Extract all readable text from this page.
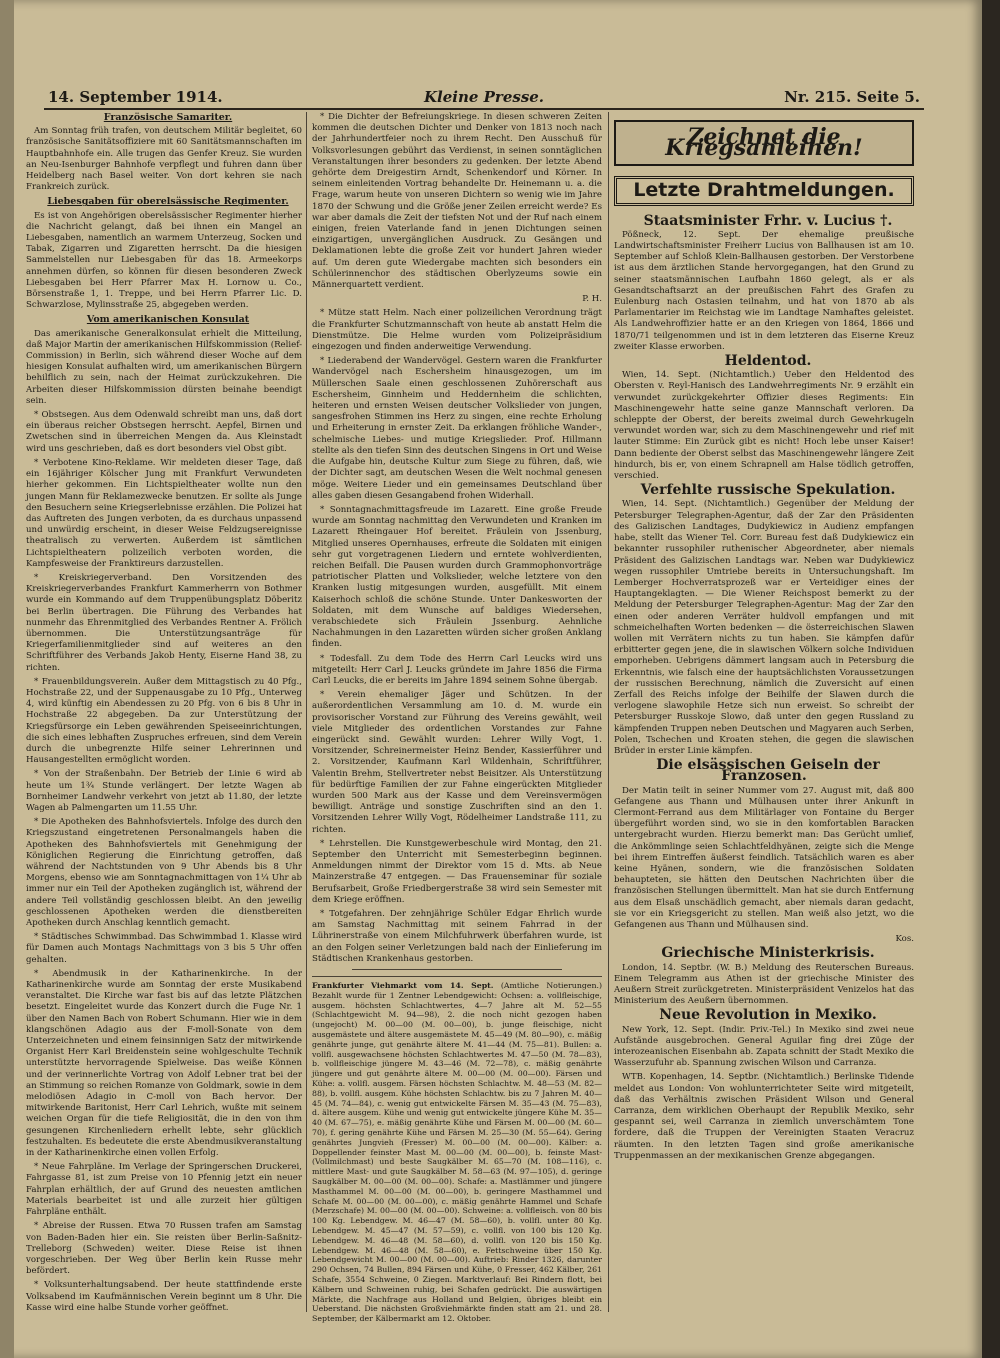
14. September 1914.	Kleine Presse.	Nr. 215. Seite 5.

Französische Samariter.

Am Sonntag früh trafen, von deutschem Militär begleitet, 60 französische Sanitätsoffiziere mit 60 Sanitätsmannschaften im Hauptbahnhofe ein. Alle trugen das Genfer Kreuz. Sie wurden an Neu-Isenburger Bahnhofe verpflegt und fuhren dann über Heidelberg nach Basel weiter. Von dort kehren sie nach Frankreich zurück.

Liebesgaben für oberelsässische Regimenter.

Es ist von Angehörigen oberelsässischer Regimenter hierher die Nachricht gelangt, daß bei ihnen ein Mangel an Liebesgaben, namentlich an warmem Unterzeug, Socken und Tabak, Zigarren und Zigaretten herrscht. Da die hiesigen Sammelstellen nur Liebesgaben für das 18. Armeekorps annehmen dürfen, so können für diesen besonderen Zweck Liebesgaben bei Herr Pfarrer Max H. Lornow u. Co., Börsenstraße 1, 1. Treppe, und bei Herrn Pfarrer Lic. D. Schwarzlose, Mylinsstraße 25, abgegeben werden.

Vom amerikanischen Konsulat

Das amerikanische Generalkonsulat erhielt die Mitteilung, daß Major Martin der amerikanischen Hilfskommission (Relief-Commission) in Berlin, sich während dieser Woche auf dem hiesigen Konsulat aufhalten wird, um amerikanischen Bürgern behilflich zu sein, nach der Heimat zurückzukehren. Die Arbeiten dieser Hilfskommission dürsten beinahe beendigt sein.

* Obstsegen. Aus dem Odenwald schreibt man uns, daß dort ein überaus reicher Obstsegen herrscht. Aepfel, Birnen und Zwetschen sind in überreichen Mengen da. Aus Kleinstadt wird uns geschrieben, daß es dort besonders viel Obst gibt.

* Verbotene Kino-Reklame. Wir meldeten dieser Tage, daß ein 16jähriger Kölscher Jung mit Frankfurt Verwundeten hierher gekommen. Ein Lichtspieltheater wollte nun den jungen Mann für Reklamezwecke benutzen. Er sollte als Junge den Besuchern seine Kriegserlebnisse erzählen. Die Polizei hat das Auftreten des Jungen verboten, da es durchaus unpassend und unwürdig erscheint, in dieser Weise Feldzugsereignisse theatralisch zu verwerten. Außerdem ist sämtlichen Lichtspieltheatern polizeilich verboten worden, die Kampfesweise der Franktireurs darzustellen.

* Kreiskriegerverband. Den Vorsitzenden des Kreiskriegerverbandes Frankfurt Kammerherrn von Bothmer wurde ein Kommando auf dem Truppenübungsplatz Döberitz bei Berlin übertragen. Die Führung des Verbandes hat nunmehr das Ehrenmitglied des Verbandes Rentner A. Frölich übernommen. Die Unterstützungsanträge für Kriegerfamilienmitglieder sind auf weiteres an den Schriftführer des Verbands Jakob Henty, Eiserne Hand 38, zu richten.

* Frauenbildungsverein. Außer dem Mittagstisch zu 40 Pfg., Hochstraße 22, und der Suppenausgabe zu 10 Pfg., Unterweg 4, wird künftig ein Abendessen zu 20 Pfg. von 6 bis 8 Uhr in Hochstraße 22 abgegeben. Da zur Unterstützung der Kriegsfürsorge ein Leben gewährenden Speiseeinrichtungen, die sich eines lebhaften Zuspruches erfreuen, sind dem Verein durch die unbegrenzte Hilfe seiner Lehrerinnen und Hausangestellten ermöglicht worden.

* Von der Straßenbahn. Der Betrieb der Linie 6 wird ab heute um 1¾ Stunde verlängert. Der letzte Wagen ab Bornheimer Landwehr verkehrt von jetzt ab 11.80, der letzte Wagen ab Palmengarten um 11.55 Uhr.

* Die Apotheken des Bahnhofsviertels. Infolge des durch den Kriegszustand eingetretenen Personalmangels haben die Apotheken des Bahnhofsviertels mit Genehmigung der Königlichen Regierung die Einrichtung getroffen, daß während der Nachtstunden von 9 Uhr Abends bis 8 Uhr Morgens, ebenso wie am Sonntagnachmittagen von 1¼ Uhr ab immer nur ein Teil der Apotheken zugänglich ist, während der andere Teil vollständig geschlossen bleibt. An den jeweilig geschlossenen Apotheken werden die dienstbereiten Apotheken durch Anschlag kenntlich gemacht.

* Städtisches Schwimmbad. Das Schwimmbad 1. Klasse wird für Damen auch Montags Nachmittags von 3 bis 5 Uhr offen gehalten.

* Abendmusik in der Katharinenkirche. In der Katharinenkirche wurde am Sonntag der erste Musikabend veranstaltet. Die Kirche war fast bis auf das letzte Plätzchen besetzt. Eingeleitet wurde das Konzert durch die Fuge Nr. 1 über den Namen Bach von Robert Schumann. Hier wie in dem klangschönen Adagio aus der F-moll-Sonate von dem Unterzeichneten und einem feinsinnigen Satz der mitwirkende Organist Herr Karl Breidenstein seine wohlgeschulte Technik unterstützte hervorragende Spielweise. Das weiße Können und der verinnerlichte Vortrag von Adolf Lebner trat bei der an Stimmung so reichen Romanze von Goldmark, sowie in dem melodiösen Adagio in C-moll von Bach hervor. Der mitwirkende Baritonist, Herr Carl Lehrich, wußte mit seinem weichen Organ für die tiefe Religiosität, die in den von ihm gesungenen Kirchenliedern erhellt lebte, sehr glücklich festzuhalten. Es bedeutete die erste Abendmusikveranstaltung in der Katharinenkirche einen vollen Erfolg.

* Neue Fahrpläne. Im Verlage der Springerschen Druckerei, Fahrgasse 81, ist zum Preise von 10 Pfennig jetzt ein neuer Fahrplan erhältlich, der auf Grund des neuesten amtlichen Materials bearbeitet ist und alle zurzeit hier gültigen Fahrpläne enthält.

* Abreise der Russen. Etwa 70 Russen trafen am Samstag von Baden-Baden hier ein. Sie reisten über Berlin-Saßnitz-Trelleborg (Schweden) weiter. Diese Reise ist ihnen vorgeschrieben. Der Weg über Berlin kein Russe mehr befördert.

* Volksunterhaltungsabend. Der heute stattfindende erste Volksabend im Kaufmännischen Verein beginnt um 8 Uhr. Die Kasse wird eine halbe Stunde vorher geöffnet.

* Die Dichter der Befreiungskriege. In diesen schweren Zeiten kommen die deutschen Dichter und Denker von 1813 noch nach der Jahrhundertfeier noch zu ihrem Recht. Den Ausschuß für Volksvorlesungen gebührt das Verdienst, in seinen sonntäglichen Veranstaltungen ihrer besonders zu gedenken. Der letzte Abend gehörte dem Dreigestirn Arndt, Schenkendorf und Körner. In seinem einleitenden Vortrag behandelte Dr. Heinemann u. a. die Frage, warum heute von unseren Dichtern so wenig wie im Jahre 1870 der Schwung und die Größe jener Zeilen erreicht werde? Es war aber damals die Zeit der tiefsten Not und der Ruf nach einem einigen, freien Vaterlande fand in jenen Dichtungen seinen einzigartigen, unvergänglichen Ausdruck. Zu Gesängen und Deklamationen lebte die große Zeit vor hundert Jahren wieder auf. Um deren gute Wiedergabe machten sich besonders ein Schülerinnenchor des städtischen Oberlyzeums sowie ein Männerquartett verdient.

P. H.

* Mütze statt Helm. Nach einer polizeilichen Verordnung trägt die Frankfurter Schutzmannschaft von heute ab anstatt Helm die Dienstmütze. Die Helme wurden vom Polizeipräsidium eingezogen und finden anderweitige Verwendung.

* Liederabend der Wandervögel. Gestern waren die Frankfurter Wandervögel nach Eschersheim hinausgezogen, um im Müllerschen Saale einen geschlossenen Zuhörerschaft aus Eschersheim, Ginnheim und Heddernheim die schlichten, heiteren und ernsten Weisen deutscher Volkslieder von jungen, sangesfrohen Stimmen ins Herz zu singen, eine rechte Erholung und Erheiterung in ernster Zeit. Da erklangen fröhliche Wander-, schelmische Liebes- und mutige Kriegslieder. Prof. Hillmann stellte als den tiefen Sinn des deutschen Singens in Ort und Weise die Aufgabe hin, deutsche Kultur zum Siege zu führen, daß, wie der Dichter sagt, am deutschen Wesen die Welt nochmal genesen möge. Weitere Lieder und ein gemeinsames Deutschland über alles gaben diesen Gesangabend frohen Widerhall.

* Sonntagnachmittagsfreude im Lazarett. Eine große Freude wurde am Sonntag nachmittag den Verwundeten und Kranken im Lazarett Rheingauer Hof bereitet. Fräulein von Jssenburg, Mitglied unseres Opernhauses, erfreute die Soldaten mit einigen sehr gut vorgetragenen Liedern und erntete wohlverdienten, reichen Beifall. Die Pausen wurden durch Grammophonvorträge patriotischer Platten und Volkslieder, welche letztere von den Kranken lustig mitgesungen wurden, ausgefüllt. Mit einem Kaiserhoch schloß die schöne Stunde. Unter Dankesworten der Soldaten, mit dem Wunsche auf baldiges Wiedersehen, verabschiedete sich Fräulein Jssenburg. Aehnliche Nachahmungen in den Lazaretten würden sicher großen Anklang finden.

* Todesfall. Zu dem Tode des Herrn Carl Leucks wird uns mitgeteilt: Herr Carl J. Leucks gründete im Jahre 1856 die Firma Carl Leucks, die er bereits im Jahre 1894 seinem Sohne übergab.

* Verein ehemaliger Jäger und Schützen. In der außerordentlichen Versammlung am 10. d. M. wurde ein provisorischer Vorstand zur Führung des Vereins gewählt, weil viele Mitglieder des ordentlichen Vorstandes zur Fahne eingerückt sind. Gewählt wurden: Lehrer Willy Vogt, 1. Vorsitzender, Schreinermeister Heinz Bender, Kassierführer und 2. Vorsitzender, Kaufmann Karl Wildenhain, Schriftführer, Valentin Brehm, Stellvertreter nebst Beisitzer. Als Unterstützung für bedürftige Familien der zur Fahne eingerückten Mitglieder wurden 500 Mark aus der Kasse und dem Vereinsvermögen bewilligt. Anträge und sonstige Zuschriften sind an den 1. Vorsitzenden Lehrer Willy Vogt, Rödelheimer Landstraße 111, zu richten.

* Lehrstellen. Die Kunstgewerbeschule wird Montag, den 21. September den Unterricht mit Semesterbeginn beginnen. Anmeldungen nimmt der Direktor vom 15 d. Mts. ab Neue Mainzerstraße 47 entgegen. — Das Frauenseminar für soziale Berufsarbeit, Große Friedbergerstraße 38 wird sein Semester mit dem Kriege eröffnen.

* Totgefahren. Der zehnjährige Schüler Edgar Ehrlich wurde am Samstag Nachmittag mit seinem Fahrrad in der Lührinerstraße von einem Milchfuhrwerk überfahren wurde, ist an den Folgen seiner Verletzungen bald nach der Einlieferung im Städtischen Krankenhaus gestorben.

Frankfurter Viehmarkt vom 14. Sept. (Amtliche Notierungen.) Bezahlt wurde für 1 Zentner Lebendgewicht: Ochsen: a. vollfleischige, ausgem. höchsten Schlachtwertes, 4—7 Jahre alt M. 52—55 (Schlachtgewicht M. 94—98), 2. die noch nicht gezogen haben (ungejocht) M. 00—00 (M. 00—00), b. junge fleischige, nicht ausgemästete und ältere ausgemästete M. 45—49 (M. 80—90), c. mäßig genährte junge, gut genährte ältere M. 41—44 (M. 75—81). Bullen: a. vollfl. ausgewachsene höchsten Schlachtwertes M. 47—50 (M. 78—83), b. vollfleischige jüngere M. 43—46 (M. 72—78), c. mäßig genährte jüngere und gut genährte ältere M. 00—00 (M. 00—00). Färsen und Kühe: a. vollfl. ausgem. Färsen höchsten Schlachtw. M. 48—53 (M. 82—88), b. vollfl. ausgem. Kühe höchsten Schlachtw. bis zu 7 Jahren M. 40—45 (M. 74—84), c. wenig gut entwickelte Färsen M. 35—43 (M. 75—83), d. ältere ausgem. Kühe und wenig gut entwickelte jüngere Kühe M. 35—40 (M. 67—75), e. mäßig genährte Kühe und Färsen M. 00—00 (M. 60—70), f. gering genährte Kühe und Färsen M. 25—30 (M. 55—64). Gering genährtes Jungvieh (Fresser) M. 00—00 (M. 00—00). Kälber: a. Doppellender feinster Mast M. 00—00 (M. 00—00), b. feinste Mast- (Vollmilchmast) und beste Saugkälber M. 65—70 (M. 108—116), c. mittlere Mast- und gute Saugkälber M. 58—63 (M. 97—105), d. geringe Saugkälber M. 00—00 (M. 00—00). Schafe: a. Mastlämmer und jüngere Masthammel M. 00—00 (M. 00—00), b. geringere Masthammel und Schafe M. 00—00 (M. 00—00), c. mäßig genährte Hammel und Schafe (Merzschafe) M. 00—00 (M. 00—00). Schweine: a. vollfleisch. von 80 bis 100 Kg. Lebendgew. M. 46—47 (M. 58—60), b. vollfl. unter 80 Kg. Lebendgew. M. 45—47 (M. 57—59), c. vollfl. von 100 bis 120 Kg. Lebendgew. M. 46—48 (M. 58—60), d. vollfl. von 120 bis 150 Kg. Lebendgew. M. 46—48 (M. 58—60), e. Fettschweine über 150 Kg. Lebendgewicht M. 00—00 (M. 00—00). Auftrieb: Rinder 1326, darunter 290 Ochsen, 74 Bullen, 894 Färsen und Kühe, 0 Fresser, 462 Kälber, 261 Schafe, 3554 Schweine, 0 Ziegen. Marktverlauf: Bei Rindern flott, bei Kälbern und Schweinen ruhig, bei Schafen gedrückt. Die auswärtigen Märkte, die Nachfrage aus Holland und Belgien, übriges bleibt ein Ueberstand. Die nächsten Großviehmärkte finden statt am 21. und 28. September, der Kälbermarkt am 12. Oktober.

Zeichnet die Kriegsanleihen!
Letzte Drahtmeldungen.

Staatsminister Frhr. v. Lucius †.

Pößneck, 12. Sept. Der ehemalige preußische Landwirtschaftsminister Freiherr Lucius von Ballhausen ist am 10. September auf Schloß Klein-Ballhausen gestorben. Der Verstorbene ist aus dem ärztlichen Stande hervorgegangen, hat den Grund zu seiner staatsmännischen Laufbahn 1860 gelegt, als er als Gesandtschaftsarzt an der preußischen Fahrt des Grafen zu Eulenburg nach Ostasien teilnahm, und hat von 1870 ab als Parlamentarier im Reichstag wie im Landtage Namhaftes geleistet. Als Landwehroffizier hatte er an den Kriegen von 1864, 1866 und 1870/71 teilgenommen und ist in dem letzteren das Eiserne Kreuz zweiter Klasse erworben.

Heldentod.

Wien, 14. Sept. (Nichtamtlich.) Ueber den Heldentod des Obersten v. Reyl-Hanisch des Landwehrregiments Nr. 9 erzählt ein verwundet zurückgekehrter Offizier dieses Regiments: Ein Maschinengewehr hatte seine ganze Mannschaft verloren. Da schleppte der Oberst, der bereits zweimal durch Gewehrkugeln verwundet worden war, sich zu dem Maschinengewehr und rief mit lauter Stimme: Ein Zurück gibt es nicht! Hoch lebe unser Kaiser! Dann bediente der Oberst selbst das Maschinengewehr längere Zeit hindurch, bis er, von einem Schrapnell am Halse tödlich getroffen, verschied.

Verfehlte russische Spekulation.

Wien, 14. Sept. (Nichtamtlich.) Gegenüber der Meldung der Petersburger Telegraphen-Agentur, daß der Zar den Präsidenten des Galizischen Landtages, Dudykiewicz in Audienz empfangen habe, stellt das Wiener Tel. Corr. Bureau fest daß Dudykiewicz ein bekannter russophiler ruthenischer Abgeordneter, aber niemals Präsident des Galizischen Landtags war. Neben war Dudykiewicz wegen russophiler Umtriebe bereits in Untersuchungshaft. Im Lemberger Hochverratsprozeß war er Verteidiger eines der Hauptangeklagten. — Die Wiener Reichspost bemerkt zu der Meldung der Petersburger Telegraphen-Agentur: Mag der Zar den einen oder anderen Verräter huldvoll empfangen und mit schmeichelhaften Worten bedenken — die österreichischen Slawen wollen mit Verrätern nichts zu tun haben. Sie kämpfen dafür erbitterter gegen jene, die in slawischen Völkern solche Individuen emporheben. Uebrigens dämmert langsam auch in Petersburg die Erkenntnis, wie falsch eine der hauptsächlichsten Voraussetzungen der russischen Berechnung, nämlich die Zuversicht auf einen Zerfall des Reichs infolge der Beihilfe der Slawen durch die verlogene slawophile Hetze sich nun erweist. So schreibt der Petersburger Russkoje Slowo, daß unter den gegen Russland zu kämpfenden Truppen neben Deutschen und Magyaren auch Serben, Polen, Tschechen und Kroaten stehen, die gegen die slawischen Brüder in erster Linie kämpfen.

Die elsässischen Geiseln der Franzosen.

Der Matin teilt in seiner Nummer vom 27. August mit, daß 800 Gefangene aus Thann und Mülhausen unter ihrer Ankunft in Clermont-Ferrand aus dem Militärlager von Fontaine du Berger übergeführt worden sind, wo sie in den komfortablen Baracken untergebracht wurden. Hierzu bemerkt man: Das Gerücht umlief, die Ankömmlinge seien Schlachtfeldhyänen, zeigte sich die Menge bei ihrem Eintreffen äußerst feindlich. Tatsächlich waren es aber keine Hyänen, sondern, wie die französischen Soldaten behaupteten, sie hätten den Deutschen Nachrichten über die französischen Stellungen übermittelt. Man hat sie durch Entfernung aus dem Elsaß unschädlich gemacht, aber niemals daran gedacht, sie vor ein Kriegsgericht zu stellen. Man weiß also jetzt, wo die Gefangenen aus Thann und Mülhausen sind.

Kos.

Griechische Ministerkrisis.

London, 14. Septbr. (W. B.) Meldung des Reuterschen Bureaus. Einem Telegramm aus Athen ist der griechische Minister des Aeußern Streit zurückgetreten. Ministerpräsident Venizelos hat das Ministerium des Aeußern übernommen.

Neue Revolution in Mexiko.

New York, 12. Sept. (Indir. Priv.-Tel.) In Mexiko sind zwei neue Aufstände ausgebrochen. General Aguilar fing drei Züge der interozeanischen Eisenbahn ab. Zapata schnitt der Stadt Mexiko die Wasserzufuhr ab. Spannung zwischen Wilson und Carranza.

WTB. Kopenhagen, 14. Septbr. (Nichtamtlich.) Berlinske Tidende meldet aus London: Von wohlunterrichteter Seite wird mitgeteilt, daß das Verhältnis zwischen Präsident Wilson und General Carranza, dem wirklichen Oberhaupt der Republik Mexiko, sehr gespannt sei, weil Carranza in ziemlich unverschämtem Tone fordere, daß die Truppen der Vereinigten Staaten Veracruz räumten. In den letzten Tagen sind große amerikanische Truppenmassen an der mexikanischen Grenze abgegangen.
